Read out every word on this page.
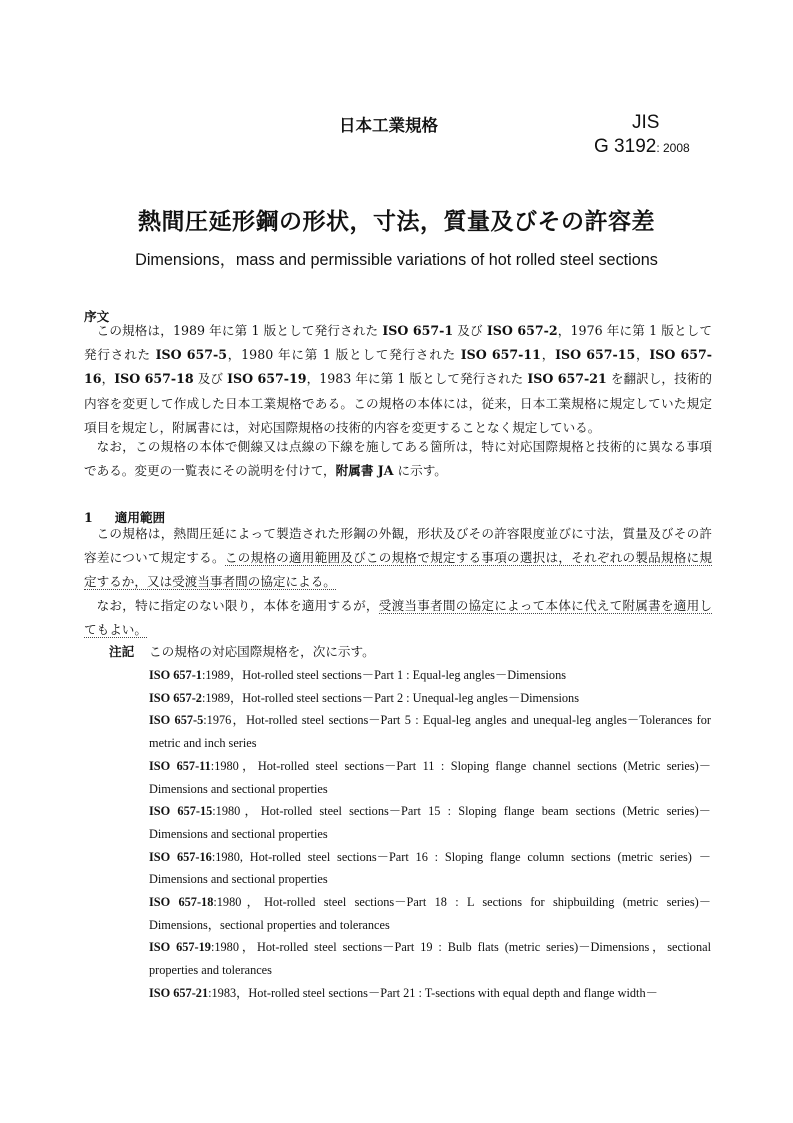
日本工業規格	JIS
G 3192: 2008
熱間圧延形鋼の形状，寸法，質量及びその許容差
Dimensions，mass and permissible variations of hot rolled steel sections
序文

この規格は，1989 年に第 1 版として発行された ISO 657-1 及び ISO 657-2，1976 年に第 1 版として発行された ISO 657-5，1980 年に第 1 版として発行された ISO 657-11，ISO 657-15，ISO 657-16，ISO 657-18 及び ISO 657-19，1983 年に第 1 版として発行された ISO 657-21 を翻訳し，技術的内容を変更して作成した日本工業規格である。この規格の本体には，従来，日本工業規格に規定していた規定項目を規定し，附属書には，対応国際規格の技術的内容を変更することなく規定している。

なお，この規格の本体で側線又は点線の下線を施してある箇所は，特に対応国際規格と技術的に異なる事項である。変更の一覧表にその説明を付けて，附属書 JA に示す。

1 適用範囲

この規格は，熱間圧延によって製造された形鋼の外観，形状及びその許容限度並びに寸法，質量及びその許容差について規定する。この規格の適用範囲及びこの規格で規定する事項の選択は，それぞれの製品規格に規定するか，又は受渡当事者間の協定による。

なお，特に指定のない限り，本体を適用するが，受渡当事者間の協定によって本体に代えて附属書を適用してもよい。

注記 この規格の対応国際規格を，次に示す。

ISO 657-1:1989，Hot-rolled steel sections－Part 1 : Equal-leg angles－Dimensions

ISO 657-2:1989，Hot-rolled steel sections－Part 2 : Unequal-leg angles－Dimensions

ISO 657-5:1976，Hot-rolled steel sections－Part 5 : Equal-leg angles and unequal-leg angles－Tolerances for metric and inch series

ISO 657-11:1980，Hot-rolled steel sections－Part 11 : Sloping flange channel sections (Metric series)－Dimensions and sectional properties

ISO 657-15:1980，Hot-rolled steel sections－Part 15 : Sloping flange beam sections (Metric series)－Dimensions and sectional properties

ISO 657-16:1980, Hot-rolled steel sections－Part 16 : Sloping flange column sections (metric series) －Dimensions and sectional properties

ISO 657-18:1980，Hot-rolled steel sections－Part 18 : L sections for shipbuilding (metric series)－Dimensions，sectional properties and tolerances

ISO 657-19:1980，Hot-rolled steel sections－Part 19 : Bulb flats (metric series)－Dimensions，sectional properties and tolerances

ISO 657-21:1983，Hot-rolled steel sections－Part 21 : T-sections with equal depth and flange width－
